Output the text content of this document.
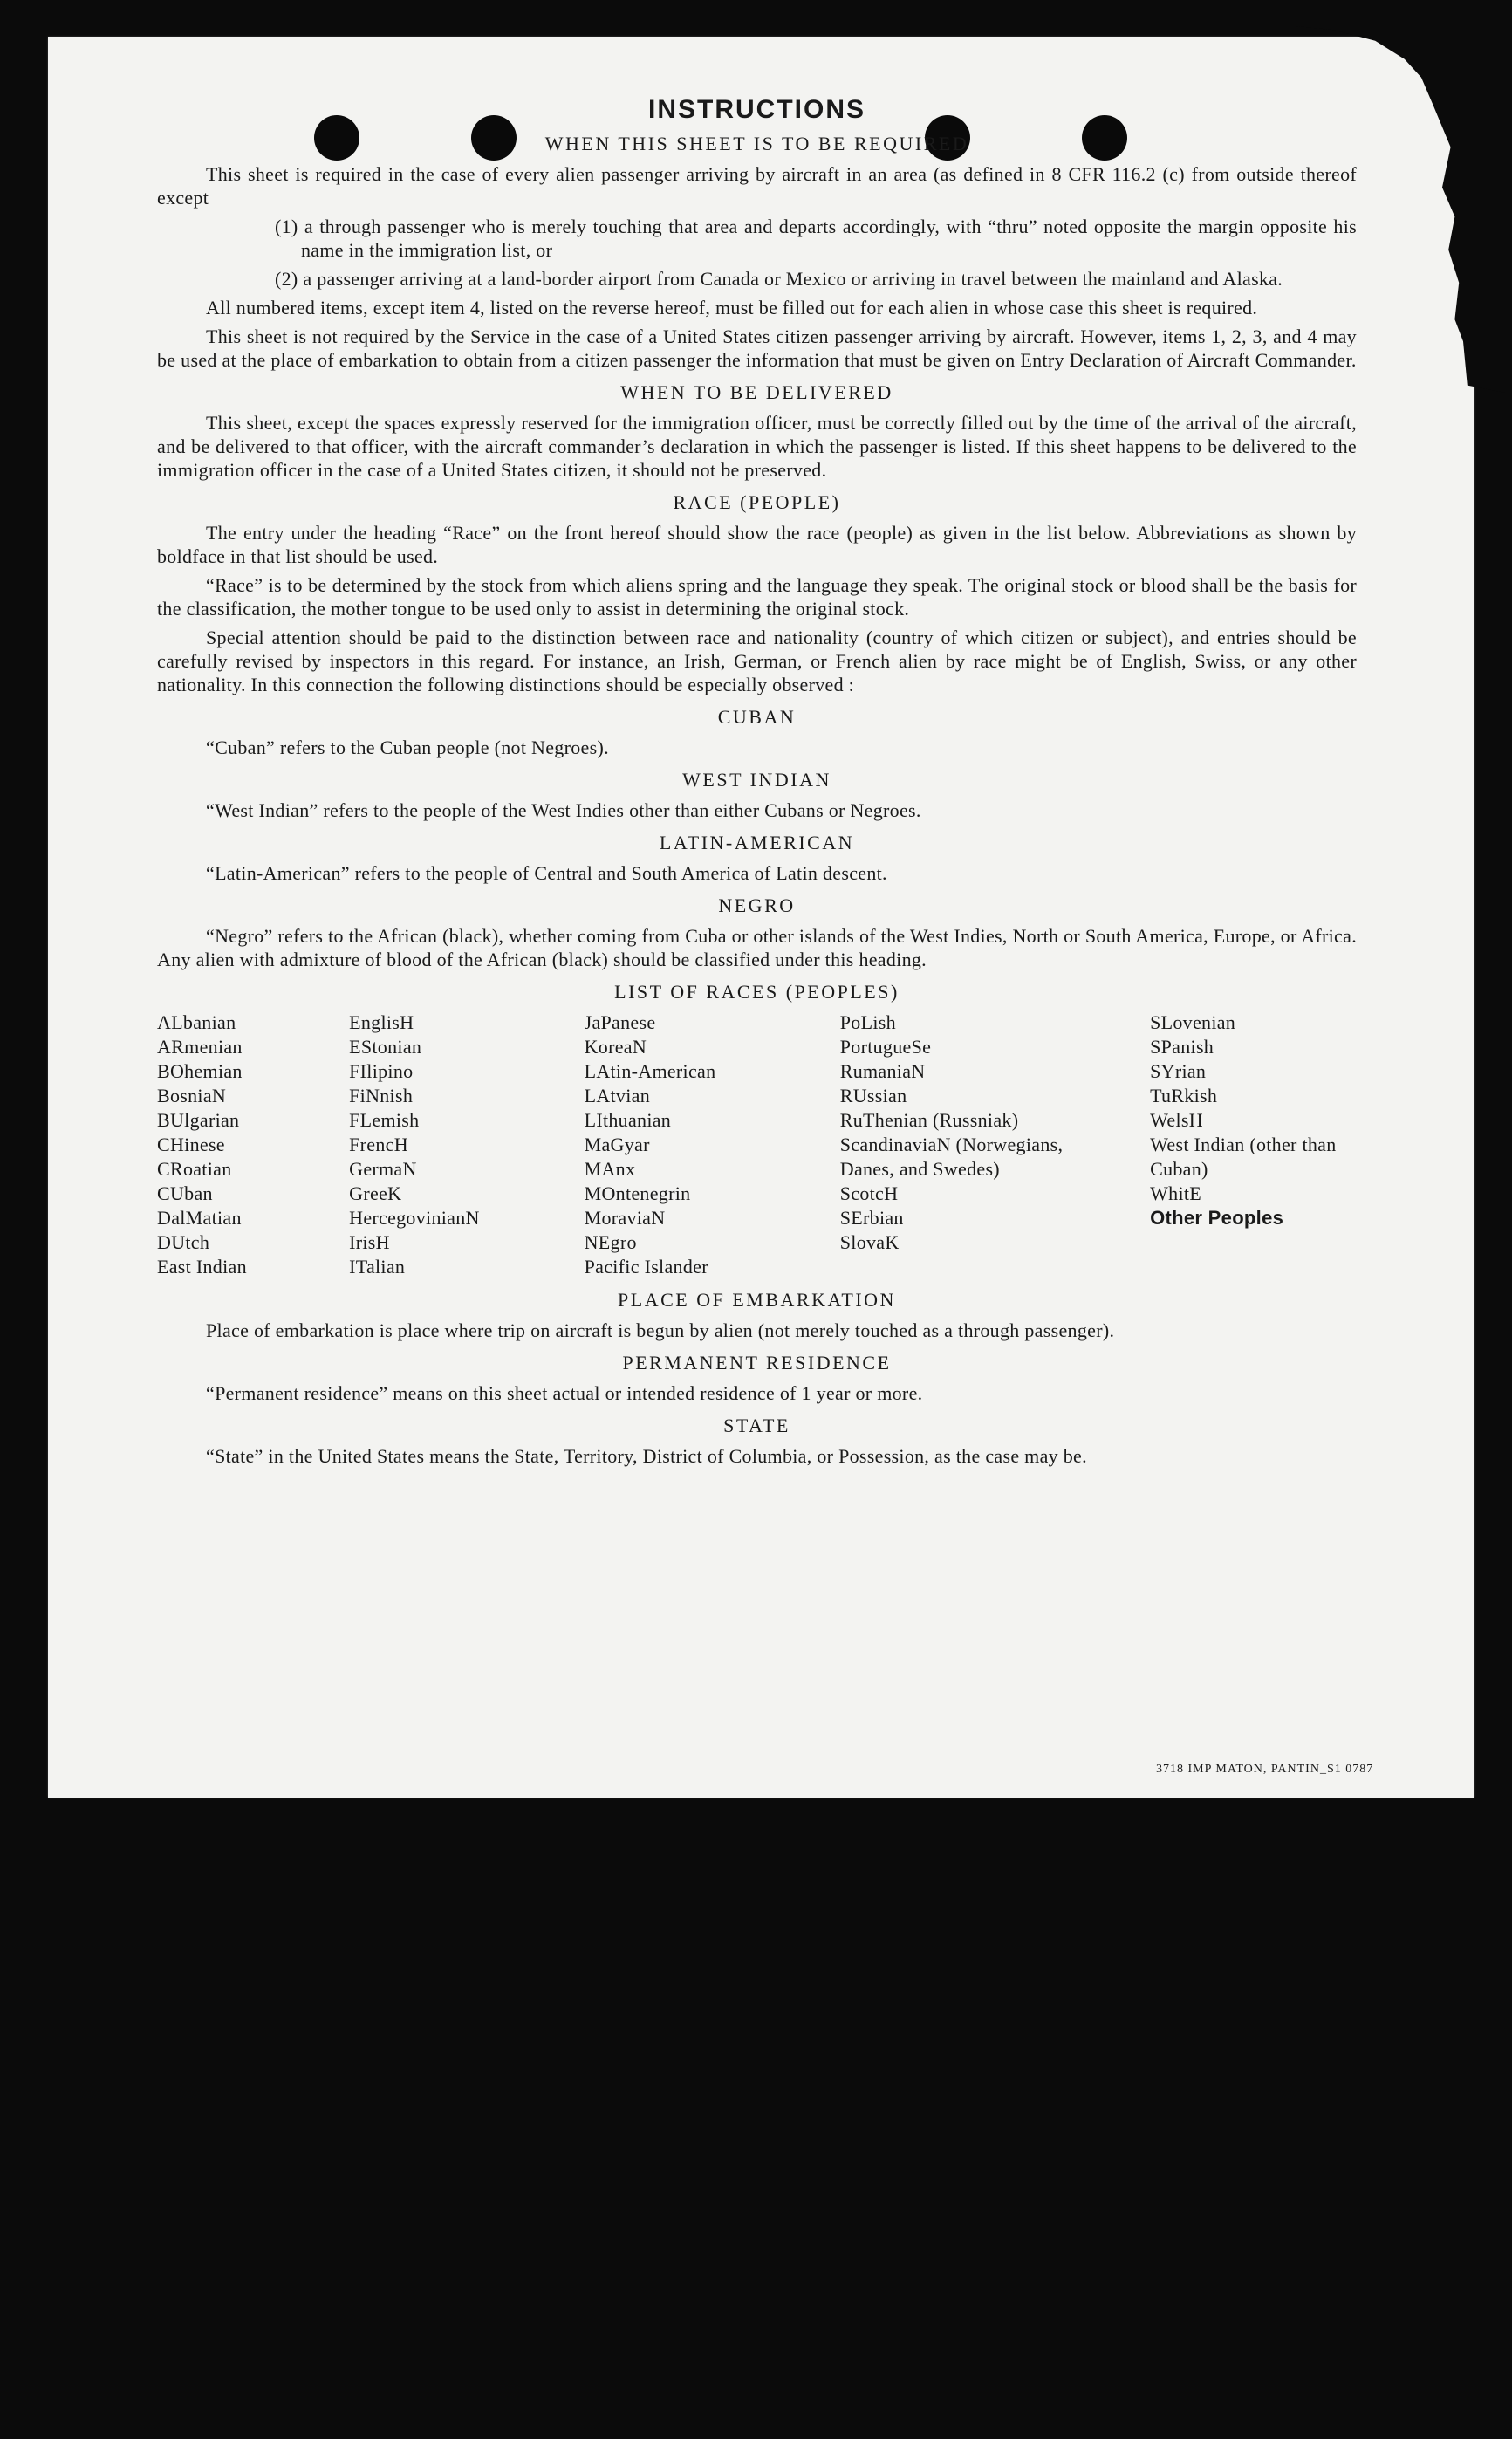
3718 IMP MATON, PANTIN_S1 0787
INSTRUCTIONS
WHEN THIS SHEET IS TO BE REQUIRED

This sheet is required in the case of every alien passenger arriving by aircraft in an area (as defined in 8 CFR 116.2 (c) from outside thereof except

(1) a through passenger who is merely touching that area and departs accordingly, with “thru” noted opposite the margin opposite his name in the immigration list, or
(2) a passenger arriving at a land-border airport from Canada or Mexico or arriving in travel between the mainland and Alaska.

All numbered items, except item 4, listed on the reverse hereof, must be filled out for each alien in whose case this sheet is required.

This sheet is not required by the Service in the case of a United States citizen passenger arriving by aircraft. However, items 1, 2, 3, and 4 may be used at the place of embarkation to obtain from a citizen passenger the information that must be given on Entry Declaration of Aircraft Commander.

WHEN TO BE DELIVERED

This sheet, except the spaces expressly reserved for the immigration officer, must be correctly filled out by the time of the arrival of the aircraft, and be delivered to that officer, with the aircraft commander’s declaration in which the passenger is listed. If this sheet happens to be delivered to the immigration officer in the case of a United States citizen, it should not be preserved.

RACE (PEOPLE)

The entry under the heading “Race” on the front hereof should show the race (people) as given in the list below. Abbreviations as shown by boldface in that list should be used.

“Race” is to be determined by the stock from which aliens spring and the language they speak. The original stock or blood shall be the basis for the classification, the mother tongue to be used only to assist in determining the original stock.

Special attention should be paid to the distinction between race and nationality (country of which citizen or subject), and entries should be carefully revised by inspectors in this regard. For instance, an Irish, German, or French alien by race might be of English, Swiss, or any other nationality. In this connection the following distinctions should be especially observed :

CUBAN

“Cuban” refers to the Cuban people (not Negroes).

WEST INDIAN

“West Indian” refers to the people of the West Indies other than either Cubans or Negroes.

LATIN-AMERICAN

“Latin-American” refers to the people of Central and South America of Latin descent.

NEGRO

“Negro” refers to the African (black), whether coming from Cuba or other islands of the West Indies, North or South America, Europe, or Africa. Any alien with admixture of blood of the African (black) should be classified under this heading.

LIST OF RACES (PEOPLES)
ALbanian
ARmenian
BOhemian
BosniaN
BUlgarian
CHinese
CRoatian
CUban
DalMatian
DUtch
East Indian
EnglisH
EStonian
FIlipino
FiNnish
FLemish
FrencH
GermaN
GreeK
HercegovinianN
IrisH
ITalian
JaPanese
KoreaN
LAtin-American
LAtvian
LIthuanian
MaGyar
MAnx
MOntenegrin
MoraviaN
NEgro
Pacific Islander
PoLish
PortugueSe
RumaniaN
RUssian
RuThenian (Russniak)
ScandinaviaN (Norwegians, Danes, and Swedes)
ScotcH
SErbian
SlovaK
SLovenian
SPanish
SYrian
TuRkish
WelsH
West Indian (other than Cuban)
WhitE
Other Peoples
PLACE OF EMBARKATION

Place of embarkation is place where trip on aircraft is begun by alien (not merely touched as a through passenger).

PERMANENT RESIDENCE

“Permanent residence” means on this sheet actual or intended residence of 1 year or more.

STATE

“State” in the United States means the State, Territory, District of Columbia, or Possession, as the case may be.
